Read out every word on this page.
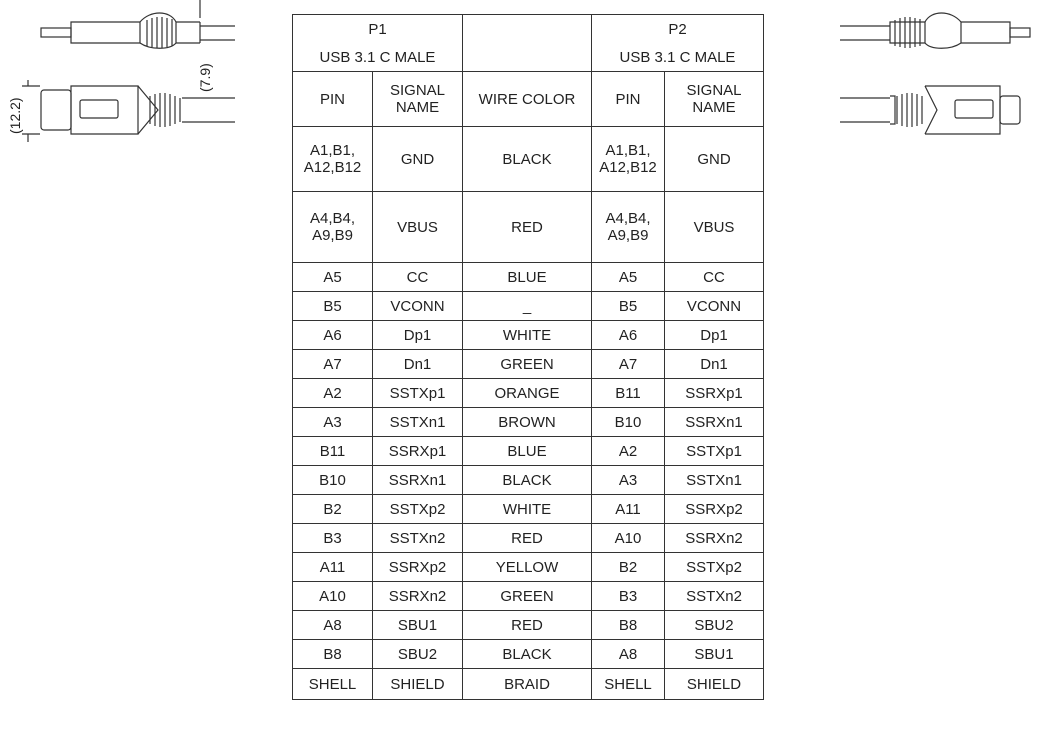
(7.9)
(12.2)
P1			P2	
USB 3.1 C MALE			USB 3.1 C MALE	
PIN	SIGNAL NAME	WIRE COLOR	PIN	SIGNAL NAME
A1,B1, A12,B12	GND	BLACK	A1,B1, A12,B12	GND
A4,B4, A9,B9	VBUS	RED	A4,B4, A9,B9	VBUS
A5	CC	BLUE	A5	CC
B5	VCONN	_	B5	VCONN
A6	Dp1	WHITE	A6	Dp1
A7	Dn1	GREEN	A7	Dn1
A2	SSTXp1	ORANGE	B11	SSRXp1
A3	SSTXn1	BROWN	B10	SSRXn1
B11	SSRXp1	BLUE	A2	SSTXp1
B10	SSRXn1	BLACK	A3	SSTXn1
B2	SSTXp2	WHITE	A11	SSRXp2
B3	SSTXn2	RED	A10	SSRXn2
A11	SSRXp2	YELLOW	B2	SSTXp2
A10	SSRXn2	GREEN	B3	SSTXn2
A8	SBU1	RED	B8	SBU2
B8	SBU2	BLACK	A8	SBU1
SHELL	SHIELD	BRAID	SHELL	SHIELD
